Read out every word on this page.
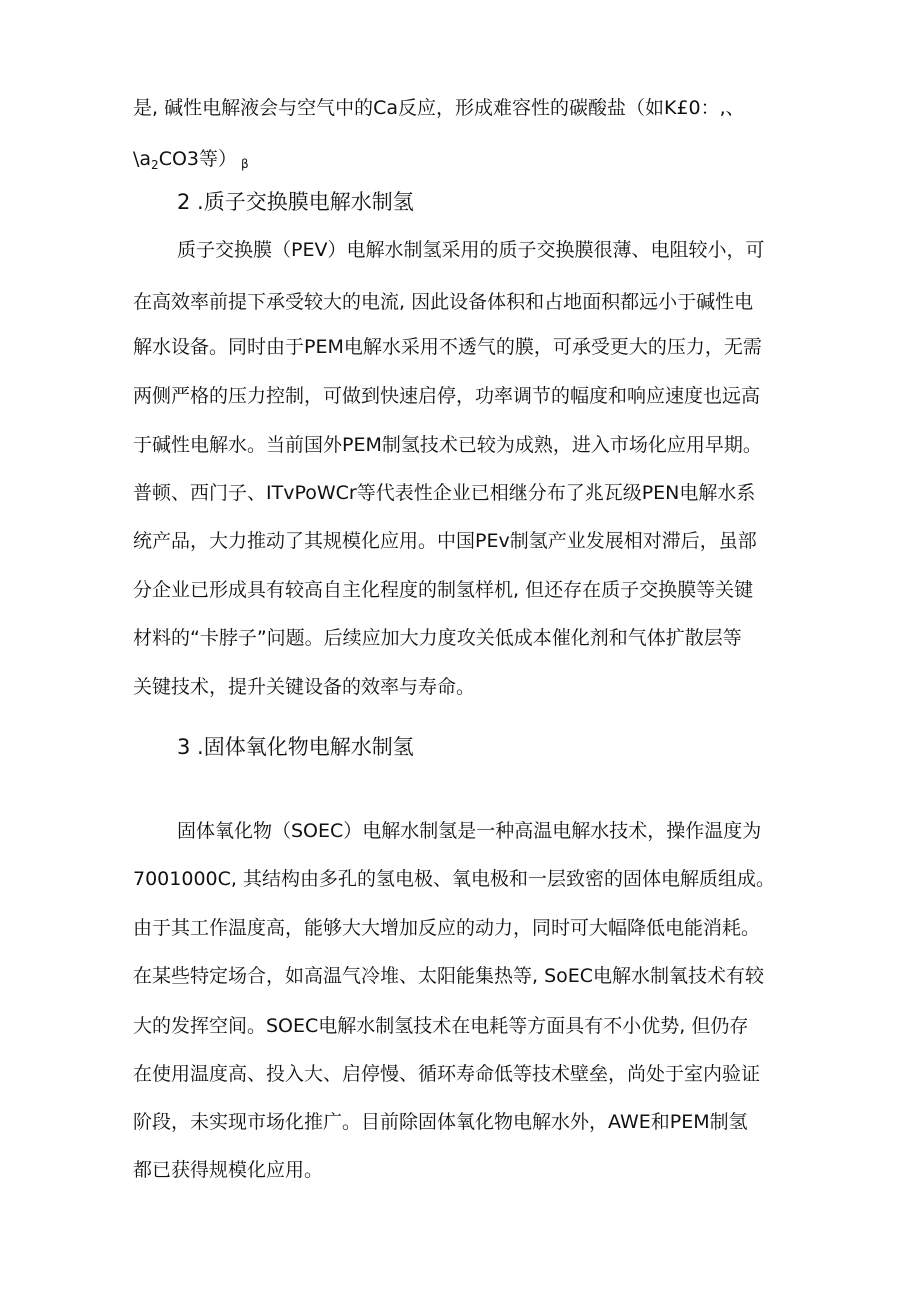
是, 碱性电解液会与空气中的Ca反应，形成难容性的碳酸盐（如K£0：,、
$\backslash a_2CO3$等） β
2 .质子交换膜电解水制氢
质子交换膜（PEV）电解水制氢采用的质子交换膜很薄、电阻较小，可
在高效率前提下承受较大的电流, 因此设备体积和占地面积都远小于碱性电
解水设备。同时由于PEM电解水采用不透气的膜，可承受更大的压力，无需
两侧严格的压力控制，可做到快速启停，功率调节的幅度和响应速度也远高
于碱性电解水。当前国外PEM制氢技术已较为成熟，进入市场化应用早期。
普顿、西门子、ITvPoWCr等代表性企业已相继分布了兆瓦级PEN电解水系
统产品，大力推动了其规模化应用。中国PEv制氢产业发展相对滞后，虽部
分企业已形成具有较高自主化程度的制氢样机, 但还存在质子交换膜等关键
材料的“卡脖子”问题。后续应加大力度攻关低成本催化剂和气体扩散层等
关键技术，提升关键设备的效率与寿命。
3 .固体氧化物电解水制氢
固体氧化物（SOEC）电解水制氢是一种高温电解水技术，操作温度为
7001000C, 其结构由多孔的氢电极、氧电极和一层致密的固体电解质组成。
由于其工作温度高，能够大大增加反应的动力，同时可大幅降低电能消耗。
在某些特定场合，如高温气冷堆、太阳能集热等, SoEC电解水制氧技术有较
大的发挥空间。SOEC电解水制氢技术在电耗等方面具有不小优势, 但仍存
在使用温度高、投入大、启停慢、循环寿命低等技术壁垒，尚处于室内验证
阶段，未实现市场化推广。目前除固体氧化物电解水外，AWE和PEM制氢
都已获得规模化应用。
